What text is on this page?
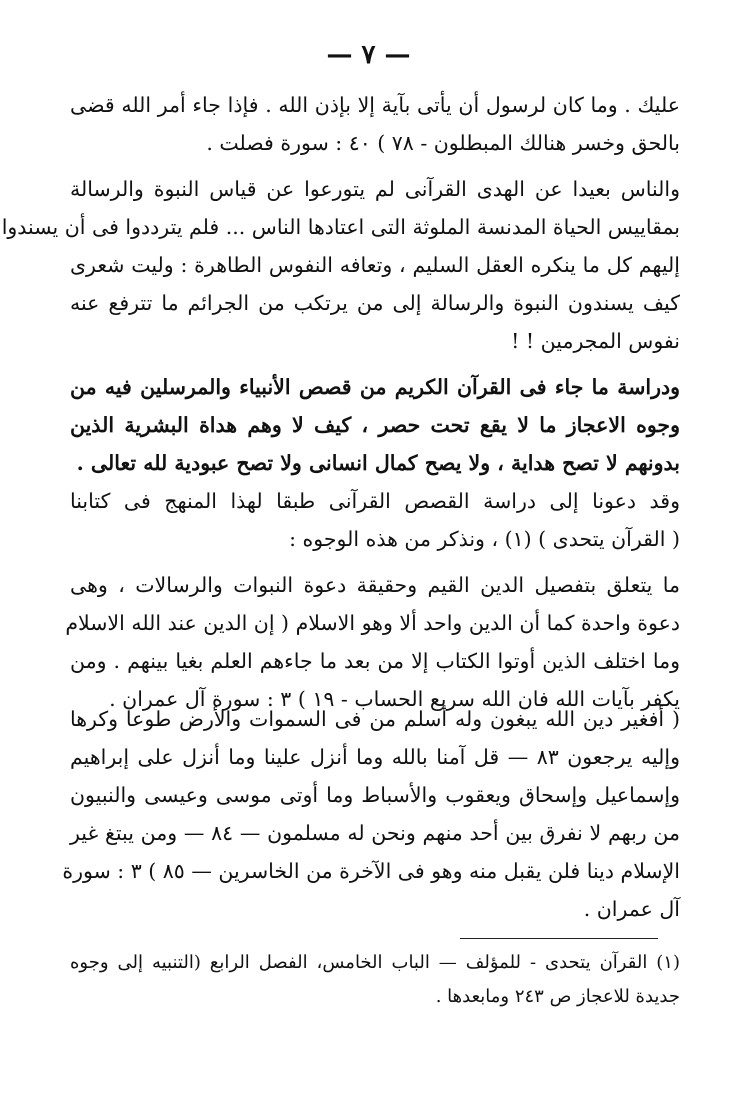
— ٧ —
عليك . وما كان لرسول أن يأتى بآية إلا بإذن الله . فإذا جاء أمر الله قضى
بالحق وخسر هنالك المبطلون - ٧٨ ) ٤٠ : سورة فصلت .
والناس بعيدا عن الهدى القرآنى لم يتورعوا عن قياس النبوة والرسالة
بمقاييس الحياة المدنسة الملوثة التى اعتادها الناس ... فلم يترددوا فى أن يسندوا
إليهم كل ما ينكره العقل السليم ، وتعافه النفوس الطاهرة : وليت شعرى
كيف يسندون النبوة والرسالة إلى من يرتكب من الجرائم ما تترفع عنه
نفوس المجرمين ! !
ودراسة ما جاء فى القرآن الكريم من قصص الأنبياء والمرسلين فيه من
وجوه الاعجاز ما لا يقع تحت حصر ، كيف لا وهم هداة البشرية الذين
بدونهم لا تصح هداية ، ولا يصح كمال انسانى ولا تصح عبودية لله تعالى .
وقد دعونا إلى دراسة القصص القرآنى طبقا لهذا المنهج فى كتابنا
( القرآن يتحدى ) (١) ، ونذكر من هذه الوجوه :
ما يتعلق بتفصيل الدين القيم وحقيقة دعوة النبوات والرسالات ، وهى
دعوة واحدة كما أن الدين واحد ألا وهو الاسلام ( إن الدين عند الله الاسلام
وما اختلف الذين أوتوا الكتاب إلا من بعد ما جاءهم العلم بغيا بينهم . ومن
يكفر بآيات الله فان الله سريع الحساب - ١٩ ) ٣ : سورة آل عمران .
( أفغير دين الله يبغون وله أسلم من فى السموات والأرض طوعا وكرها
وإليه يرجعون ٨٣ — قل آمنا بالله وما أنزل علينا وما أنزل على إبراهيم
وإسماعيل وإسحاق ويعقوب والأسباط وما أوتى موسى وعيسى والنبيون
من ربهم لا نفرق بين أحد منهم ونحن له مسلمون — ٨٤ — ومن يبتغ غير
الإسلام دينا فلن يقبل منه وهو فى الآخرة من الخاسرين — ٨٥ ) ٣ : سورة
آل عمران .
(١) القرآن يتحدى - للمؤلف — الباب الخامس، الفصل الرابع (التنبيه إلى وجوه
جديدة للاعجاز ص ٢٤٣ ومابعدها .
